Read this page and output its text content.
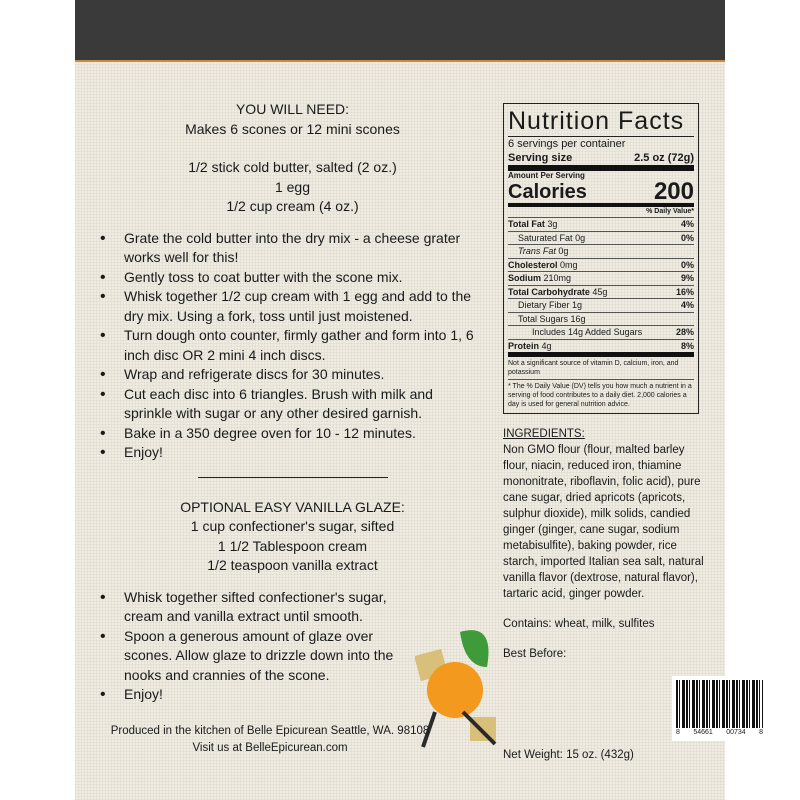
YOU WILL NEED:
Makes 6 scones or 12 mini scones
1/2 stick cold butter, salted (2 oz.)
1 egg
1/2 cup cream (4 oz.)
• Grate the cold butter into the dry mix - a cheese grater works well for this!
• Gently toss to coat butter with the scone mix.
• Whisk together 1/2 cup cream with 1 egg and add to the dry mix. Using a fork, toss until just moistened.
• Turn dough onto counter, firmly gather and form into 1, 6 inch disc OR 2 mini 4 inch discs.
• Wrap and refrigerate discs for 30 minutes.
• Cut each disc into 6 triangles. Brush with milk and sprinkle with sugar or any other desired garnish.
• Bake in a 350 degree oven for 10 - 12 minutes.
• Enjoy!
OPTIONAL EASY VANILLA GLAZE:
1 cup confectioner's sugar, sifted
1 1/2 Tablespoon cream
1/2 teaspoon vanilla extract
• Whisk together sifted confectioner's sugar, cream and vanilla extract until smooth.
• Spoon a generous amount of glaze over scones. Allow glaze to drizzle down into the nooks and crannies of the scone.
• Enjoy!
Produced in the kitchen of Belle Epicurean Seattle, WA. 98108
Visit us at BelleEpicurean.com
Nutrition Facts
6 servings per container
Serving size	2.5 oz (72g)
Amount Per Serving
Calories	200
% Daily Value*
Total Fat 3g	4%
Saturated Fat 0g	0%
Trans Fat 0g
Cholesterol 0mg	0%
Sodium 210mg	9%
Total Carbohydrate 45g	16%
Dietary Fiber 1g	4%
Total Sugars 16g
Includes 14g Added Sugars	28%
Protein 4g	8%
Not a significant source of vitamin D, calcium, iron, and potassium
* The % Daily Value (DV) tells you how much a nutrient in a serving of food contributes to a daily diet. 2,000 calories a day is used for general nutrition advice.
INGREDIENTS:
Non GMO flour (flour, malted barley flour, niacin, reduced iron, thiamine mononitrate, riboflavin, folic acid), pure cane sugar, dried apricots (apricots, sulphur dioxide), milk solids, candied ginger (ginger, cane sugar, sodium metabisulfite), baking powder, rice starch, imported Italian sea salt, natural vanilla flavor (dextrose, natural flavor), tartaric acid, ginger powder.
Contains: wheat, milk, sulfites
Best Before:
8 54661 00734 8
Net Weight: 15 oz. (432g)
